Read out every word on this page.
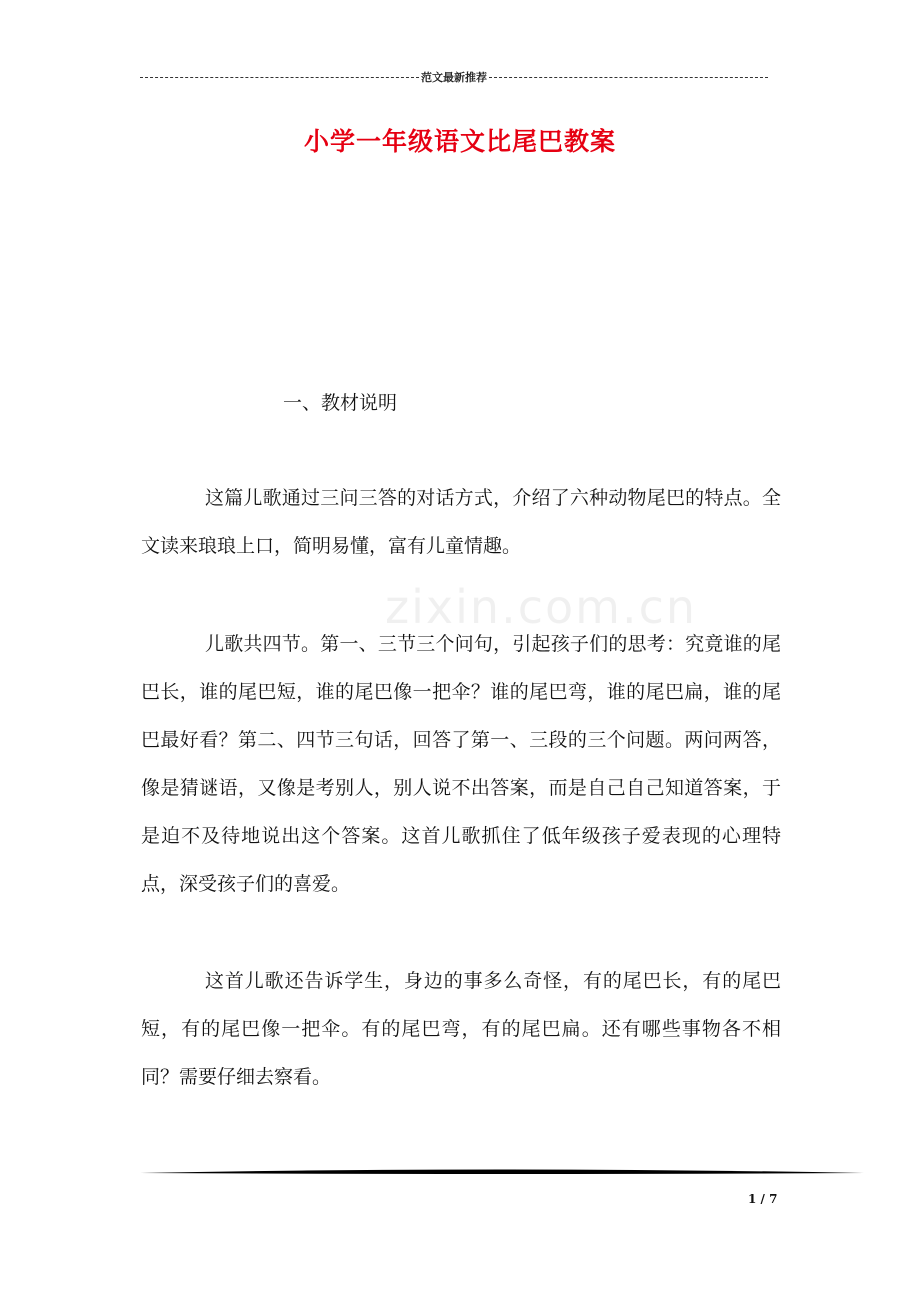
范文最新推荐
小学一年级语文比尾巴教案
一、教材说明
zixin.com.cn

这篇儿歌通过三问三答的对话方式，介绍了六种动物尾巴的特点。全文读来琅琅上口，简明易懂，富有儿童情趣。

儿歌共四节。第一、三节三个问句，引起孩子们的思考：究竟谁的尾巴长，谁的尾巴短，谁的尾巴像一把伞？谁的尾巴弯，谁的尾巴扁，谁的尾巴最好看？第二、四节三句话，回答了第一、三段的三个问题。两问两答，像是猜谜语，又像是考别人，别人说不出答案，而是自己自己知道答案，于是迫不及待地说出这个答案。这首儿歌抓住了低年级孩子爱表现的心理特点，深受孩子们的喜爱。

这首儿歌还告诉学生，身边的事多么奇怪，有的尾巴长，有的尾巴短，有的尾巴像一把伞。有的尾巴弯，有的尾巴扁。还有哪些事物各不相同？需要仔细去察看。

1 / 7
